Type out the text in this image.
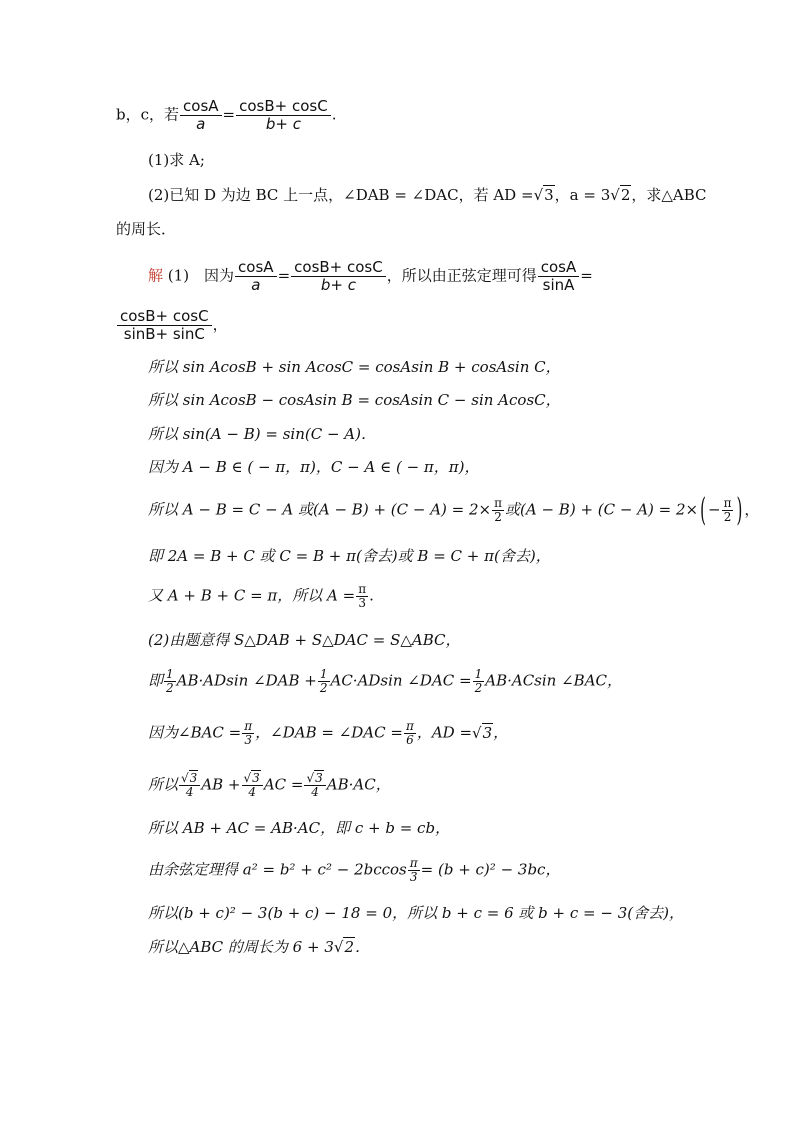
b，c，若 $\frac{\cos A}{a} = \frac{\cos B+ \cos C}{b+ c}$ .
(1)求 A;
(2)已知 D 为边 BC 上一点，∠DAB = ∠DAC，若 AD =√3，a = 3√2，求△ABC
的周长．
解 (1)　因为 $\frac{\cos A}{a} = \frac{\cos B+ \cos C}{b+ c}$ ，所以由正弦定理可得 $\frac{\cos A}{\sin A}$ =
$\frac{\cos B+ \cos C}{\sin B+ \sin C}$ ，
所以 sin AcosB + sin AcosC = cosAsin B + cosAsin C，
所以 sin AcosB − cosAsin B = cosAsin C − sin AcosC，
所以 sin(A − B) = sin(C − A)．
因为 A − B ∈ ( − π，π)，C − A ∈ ( − π，π)，
所以 A − B = C − A 或$(A - B) + (C - A) = 2\times \frac{\pi}{2}$ 或(A − B) + (C − A) = 2× ( − $\frac{\pi}{2}$ ) ，
即 2A = B + C 或 C = B + π(舍去)或 B = C + π(舍去)，
又 A + B + C = π，所以 $A = \frac{\pi}{3}$ .
(2)由题意得 S△DAB + S△DAC = S△ABC，
即 $\frac{1}{2} AB\cdot ADsin$ ∠DAB + $\frac{1}{2} AC\cdot ADsin$ ∠DAC = $\frac{1}{2} AB\cdot ACsin$ ∠BAC，
因为∠BAC = $\frac{\pi}{3}$ ，∠DAB = ∠DAC = $\frac{\pi}{6}$ ，AD =√3，
所以 $\frac{√3}{4}$ AB + $\frac{√3}{4}$ AC = $\frac{√3}{4} AB\cdot AC$，
所以 AB + AC = AB·AC，即 c + b = cb，
由余弦定理得 $a^2 = b^2 + c^2 - 2bccos \frac{\pi}{3} = (b + c)^2 - 3bc$，
所以(b + c)² − 3(b + c) − 18 = 0，所以 b + c = 6 或 b + c = − 3(舍去)，
所以△ABC 的周长为 6 + 3√2．
